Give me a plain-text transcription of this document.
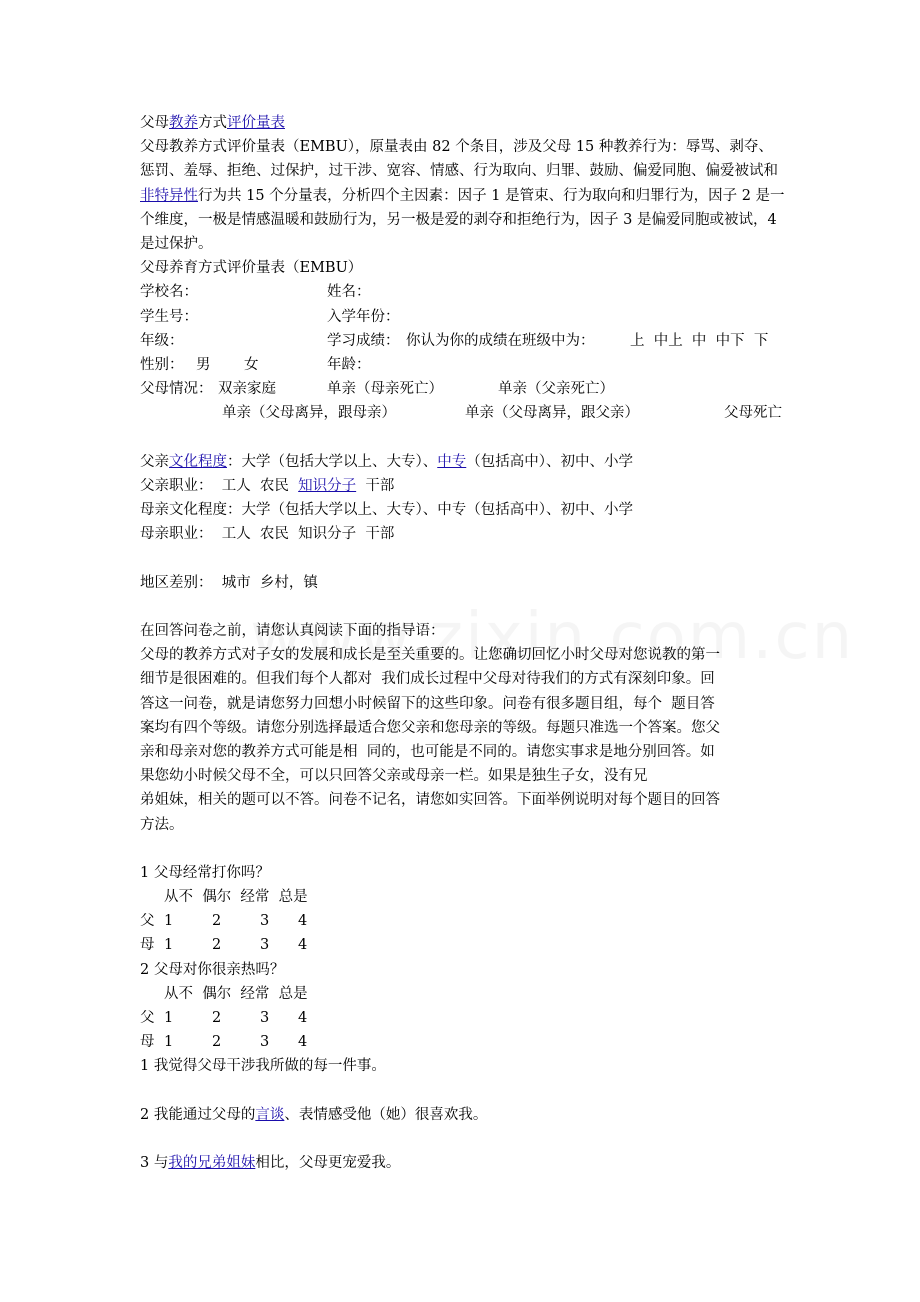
父母教养方式评价量表
父母教养方式评价量表（EMBU），原量表由 82 个条目，涉及父母 15 种教养行为：辱骂、剥夺、惩罚、羞辱、拒绝、过保护，过干涉、宽容、情感、行为取向、归罪、鼓励、偏爱同胞、偏爱被试和非特异性行为共 15 个分量表，分析四个主因素：因子 1 是管束、行为取向和归罪行为，因子 2 是一个维度，一极是情感温暖和鼓励行为，另一极是爱的剥夺和拒绝行为，因子 3 是偏爱同胞或被试，4 是过保护。
父母养育方式评价量表（EMBU）
学校名：	姓名：
学生号：	入学年份：
年级：	学习成绩： 你认为你的成绩在班级中为： 上  中上  中  中下  下
性别： 男 女	年龄：
父母情况： 双亲家庭	单亲（母亲死亡）	单亲（父亲死亡）
单亲（父母离异，跟母亲）	单亲（父母离异，跟父亲）	父母死亡
父亲文化程度：大学（包括大学以上、大专）、中专（包括高中）、初中、小学
父亲职业：  工人  农民  知识分子  干部
母亲文化程度：大学（包括大学以上、大专）、中专（包括高中）、初中、小学
母亲职业：  工人  农民  知识分子  干部
地区差别：  城市  乡村，镇
在回答问卷之前，请您认真阅读下面的指导语：
父母的教养方式对子女的发展和成长是至关重要的。让您确切回忆小时父母对您说教的第一
细节是很困难的。但我们每个人都对  我们成长过程中父母对待我们的方式有深刻印象。回
答这一问卷，就是请您努力回想小时候留下的这些印象。问卷有很多题目组，每个  题目答
案均有四个等级。请您分别选择最适合您父亲和您母亲的等级。每题只准选一个答案。您父
亲和母亲对您的教养方式可能是相  同的，也可能是不同的。请您实事求是地分别回答。如
果您幼小时候父母不全，可以只回答父亲或母亲一栏。如果是独生子女，没有兄
弟姐妹，相关的题可以不答。问卷不记名，请您如实回答。下面举例说明对每个题目的回答
方法。
1 父母经常打你吗？
从不  偶尔  经常  总是
父 1	2	3 4
母 1	2	3 4
2 父母对你很亲热吗？
从不  偶尔  经常  总是
父 1	2	3 4
母 1	2	3 4
1 我觉得父母干涉我所做的每一件事。
2 我能通过父母的言谈、表情感受他（她）很喜欢我。
3 与我的兄弟姐妹相比，父母更宠爱我。
